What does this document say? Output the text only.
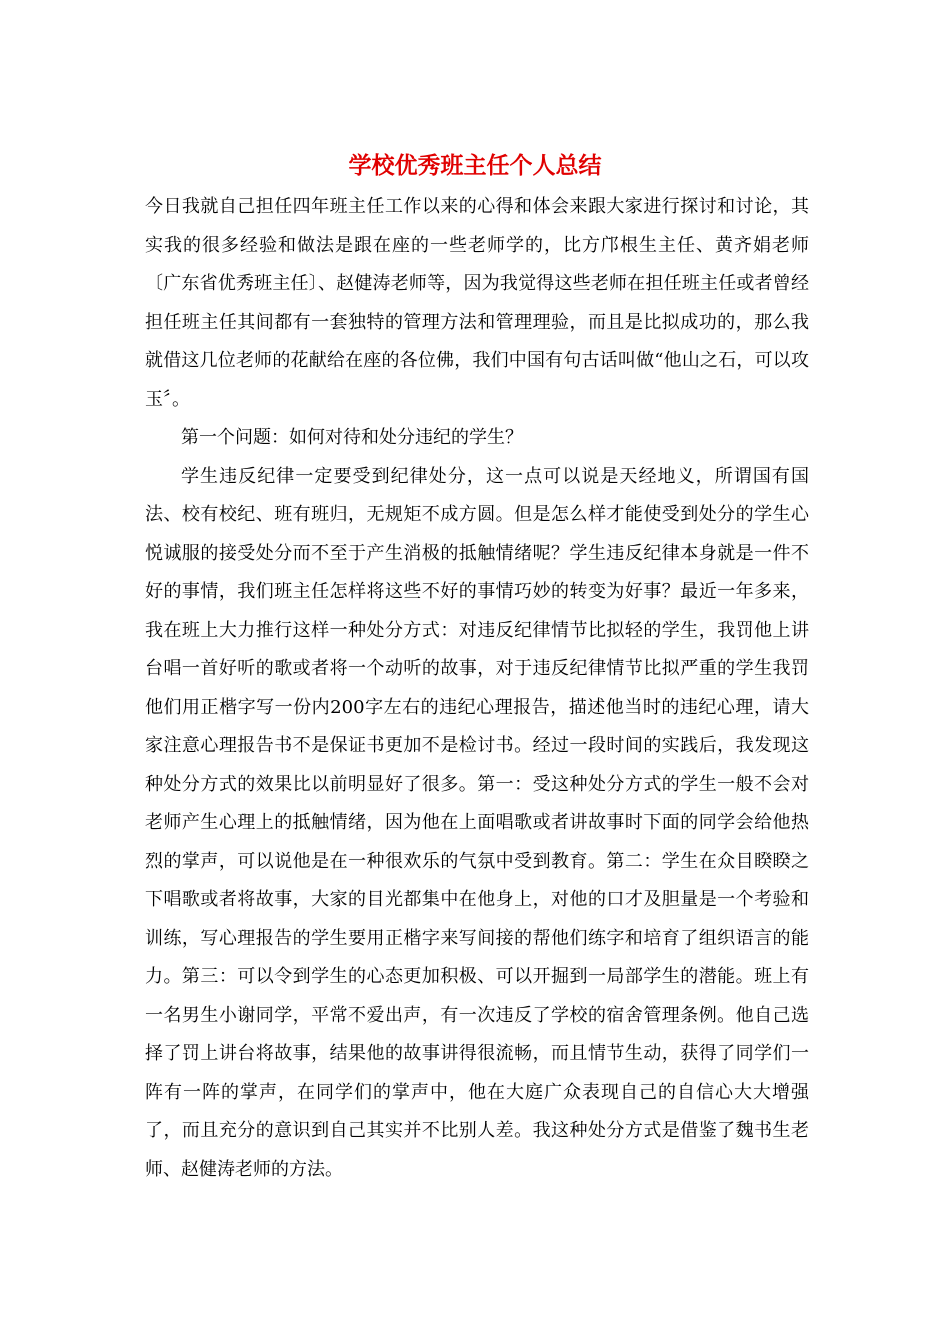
学校优秀班主任个人总结

今日我就自己担任四年班主任工作以来的心得和体会来跟大家进行探讨和讨论，其实我的很多经验和做法是跟在座的一些老师学的，比方邝根生主任、黄齐娟老师〔广东省优秀班主任〕、赵健涛老师等，因为我觉得这些老师在担任班主任或者曾经担任班主任其间都有一套独特的管理方法和管理理验，而且是比拟成功的，那么我就借这几位老师的花献给在座的各位佛，我们中国有句古话叫做“他山之石，可以攻玉〞。

第一个问题：如何对待和处分违纪的学生？

学生违反纪律一定要受到纪律处分，这一点可以说是天经地义，所谓国有国法、校有校纪、班有班归，无规矩不成方圆。但是怎么样才能使受到处分的学生心悦诚服的接受处分而不至于产生消极的抵触情绪呢？学生违反纪律本身就是一件不好的事情，我们班主任怎样将这些不好的事情巧妙的转变为好事？最近一年多来，我在班上大力推行这样一种处分方式：对违反纪律情节比拟轻的学生，我罚他上讲台唱一首好听的歌或者将一个动听的故事，对于违反纪律情节比拟严重的学生我罚他们用正楷字写一份内200字左右的违纪心理报告，描述他当时的违纪心理，请大家注意心理报告书不是保证书更加不是检讨书。经过一段时间的实践后，我发现这种处分方式的效果比以前明显好了很多。第一：受这种处分方式的学生一般不会对老师产生心理上的抵触情绪，因为他在上面唱歌或者讲故事时下面的同学会给他热烈的掌声，可以说他是在一种很欢乐的气氛中受到教育。第二：学生在众目睽睽之下唱歌或者将故事，大家的目光都集中在他身上，对他的口才及胆量是一个考验和训练，写心理报告的学生要用正楷字来写间接的帮他们练字和培育了组织语言的能力。第三：可以令到学生的心态更加积极、可以开掘到一局部学生的潜能。班上有一名男生小谢同学，平常不爱出声，有一次违反了学校的宿舍管理条例。他自己选择了罚上讲台将故事，结果他的故事讲得很流畅，而且情节生动，获得了同学们一阵有一阵的掌声，在同学们的掌声中，他在大庭广众表现自己的自信心大大增强了，而且充分的意识到自己其实并不比别人差。我这种处分方式是借鉴了魏书生老师、赵健涛老师的方法。
